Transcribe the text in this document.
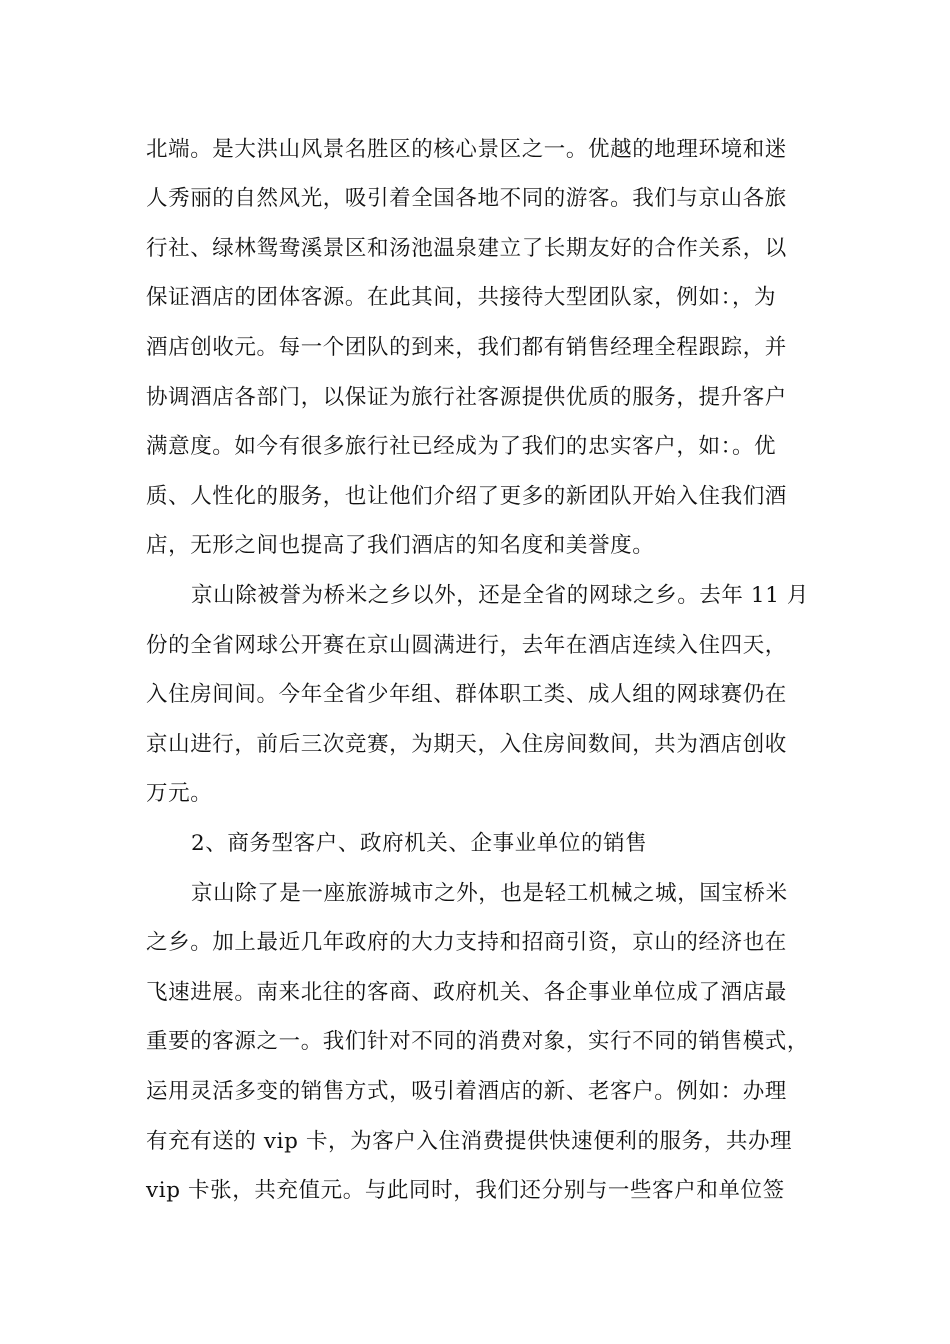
北端。是大洪山风景名胜区的核心景区之一。优越的地理环境和迷
人秀丽的自然风光，吸引着全国各地不同的游客。我们与京山各旅
行社、绿林鸳鸯溪景区和汤池温泉建立了长期友好的合作关系，以
保证酒店的团体客源。在此其间，共接待大型团队家，例如：，为
酒店创收元。每一个团队的到来，我们都有销售经理全程跟踪，并
协调酒店各部门，以保证为旅行社客源提供优质的服务，提升客户
满意度。如今有很多旅行社已经成为了我们的忠实客户，如：。优
质、人性化的服务，也让他们介绍了更多的新团队开始入住我们酒
店，无形之间也提高了我们酒店的知名度和美誉度。
京山除被誉为桥米之乡以外，还是全省的网球之乡。去年 11 月
份的全省网球公开赛在京山圆满进行，去年在酒店连续入住四天，
入住房间间。今年全省少年组、群体职工类、成人组的网球赛仍在
京山进行，前后三次竞赛，为期天，入住房间数间，共为酒店创收
万元。
2、商务型客户、政府机关、企事业单位的销售
京山除了是一座旅游城市之外，也是轻工机械之城，国宝桥米
之乡。加上最近几年政府的大力支持和招商引资，京山的经济也在
飞速进展。南来北往的客商、政府机关、各企事业单位成了酒店最
重要的客源之一。我们针对不同的消费对象，实行不同的销售模式，
运用灵活多变的销售方式，吸引着酒店的新、老客户。例如：办理
有充有送的 vip 卡，为客户入住消费提供快速便利的服务，共办理
vip 卡张，共充值元。与此同时，我们还分别与一些客户和单位签
